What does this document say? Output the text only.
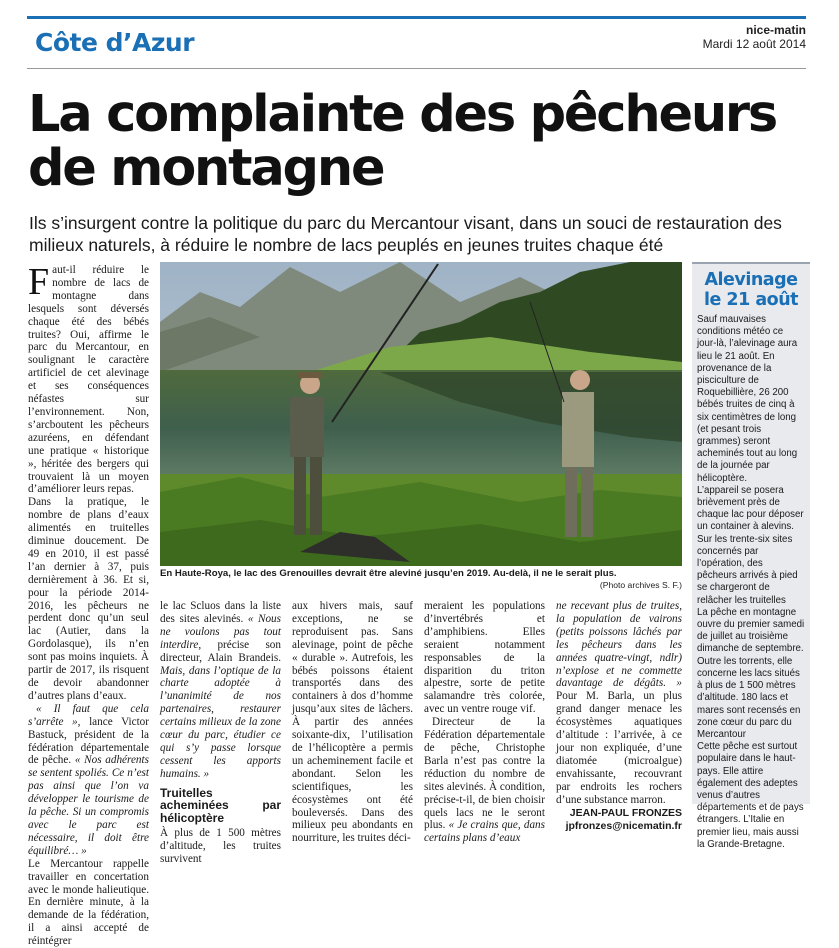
Côte d’Azur	nice-matin
Mardi 12 août 2014
La complainte des pêcheurs de montagne

Ils s’insurgent contre la politique du parc du Mercantour visant, dans un souci de restauration des milieux naturels, à réduire le nombre de lacs peuplés en jeunes truites chaque été

Faut-il réduire le nombre de lacs de montagne dans lesquels sont déversés chaque été des bébés truites? Oui, affirme le parc du Mercantour, en soulignant le caractère artificiel de cet alevinage et ses conséquences néfastes sur l’environnement. Non, s’arcboutent les pêcheurs azuréens, en défendant une pratique « historique », héritée des bergers qui trouvaient là un moyen d’améliorer leurs repas.

Dans la pratique, le nombre de plans d’eaux alimentés en truitelles diminue doucement. De 49 en 2010, il est passé l’an dernier à 37, puis dernièrement à 36. Et si, pour la période 2014-2016, les pêcheurs ne perdent donc qu’un seul lac (Autier, dans la Gordolasque), ils n’en sont pas moins inquiets. À partir de 2017, ils risquent de devoir abandonner d’autres plans d’eaux.

« Il faut que cela s’arrête », lance Victor Bastuck, président de la fédération départementale de pêche. « Nos adhérents se sentent spoliés. Ce n’est pas ainsi que l’on va développer le tourisme de la pêche. Si un compromis avec le parc est nécessaire, il doit être équilibré… »

Le Mercantour rappelle travailler en concertation avec le monde halieutique. En dernière minute, à la demande de la fédération, il a ainsi accepté de réintégrer

En Haute-Roya, le lac des Grenouilles devrait être aleviné jusqu’en 2019. Au-delà, il ne le serait plus.
(Photo archives S. F.)

le lac Scluos dans la liste des sites alevinés. « Nous ne voulons pas tout interdire, précise son directeur, Alain Brandeis. Mais, dans l’optique de la charte adoptée à l’unanimité de nos partenaires, restaurer certains milieux de la zone cœur du parc, étudier ce qui s’y passe lorsque cessent les apports humains. »

Truitelles acheminées par hélicoptère

À plus de 1 500 mètres d’altitude, les truites survivent

aux hivers mais, sauf exceptions, ne se reproduisent pas. Sans alevinage, point de pêche « durable ». Autrefois, les bébés poissons étaient transportés dans des containers à dos d’homme jusqu’aux sites de lâchers. À partir des années soixante-dix, l’utilisation de l’hélicoptère a permis un acheminement facile et abondant. Selon les scientifiques, les écosystèmes ont été bouleversés. Dans des milieux peu abondants en nourriture, les truites déci-

meraient les populations d’invertébrés et d’amphibiens. Elles seraient notamment responsables de la disparition du triton alpestre, sorte de petite salamandre très colorée, avec un ventre rouge vif.

Directeur de la Fédération départementale de pêche, Christophe Barla n’est pas contre la réduction du nombre de sites alevinés. À condition, précise-t-il, de bien choisir quels lacs ne le seront plus. « Je crains que, dans certains plans d’eaux

ne recevant plus de truites, la population de vairons (petits poissons lâchés par les pêcheurs dans les années quatre-vingt, ndlr) n’explose et ne commette davantage de dégâts. » Pour M. Barla, un plus grand danger menace les écosystèmes aquatiques d’altitude : l’arrivée, à ce jour non expliquée, d’une diatomée (microalgue) envahissante, recouvrant par endroits les rochers d’une substance marron.

JEAN-PAUL FRONZES
jpfronzes@nicematin.fr
Alevinage le 21 août

Sauf mauvaises conditions météo ce jour-là, l’alevinage aura lieu le 21 août. En provenance de la pisciculture de Roquebillière, 26 200 bébés truites de cinq à six centimètres de long (et pesant trois grammes) seront acheminés tout au long de la journée par hélicoptère.

L’appareil se posera brièvement près de chaque lac pour déposer un container à alevins.

Sur les trente-six sites concernés par l’opération, des pêcheurs arrivés à pied se chargeront de relâcher les truitelles

La pêche en montagne ouvre du premier samedi de juillet au troisième dimanche de septembre. Outre les torrents, elle concerne les lacs situés à plus de 1 500 mètres d’altitude. 180 lacs et mares sont recensés en zone cœur du parc du Mercantour

Cette pêche est surtout populaire dans le haut-pays. Elle attire également des adeptes venus d’autres départements et de pays étrangers. L’Italie en premier lieu, mais aussi la Grande-Bretagne.
